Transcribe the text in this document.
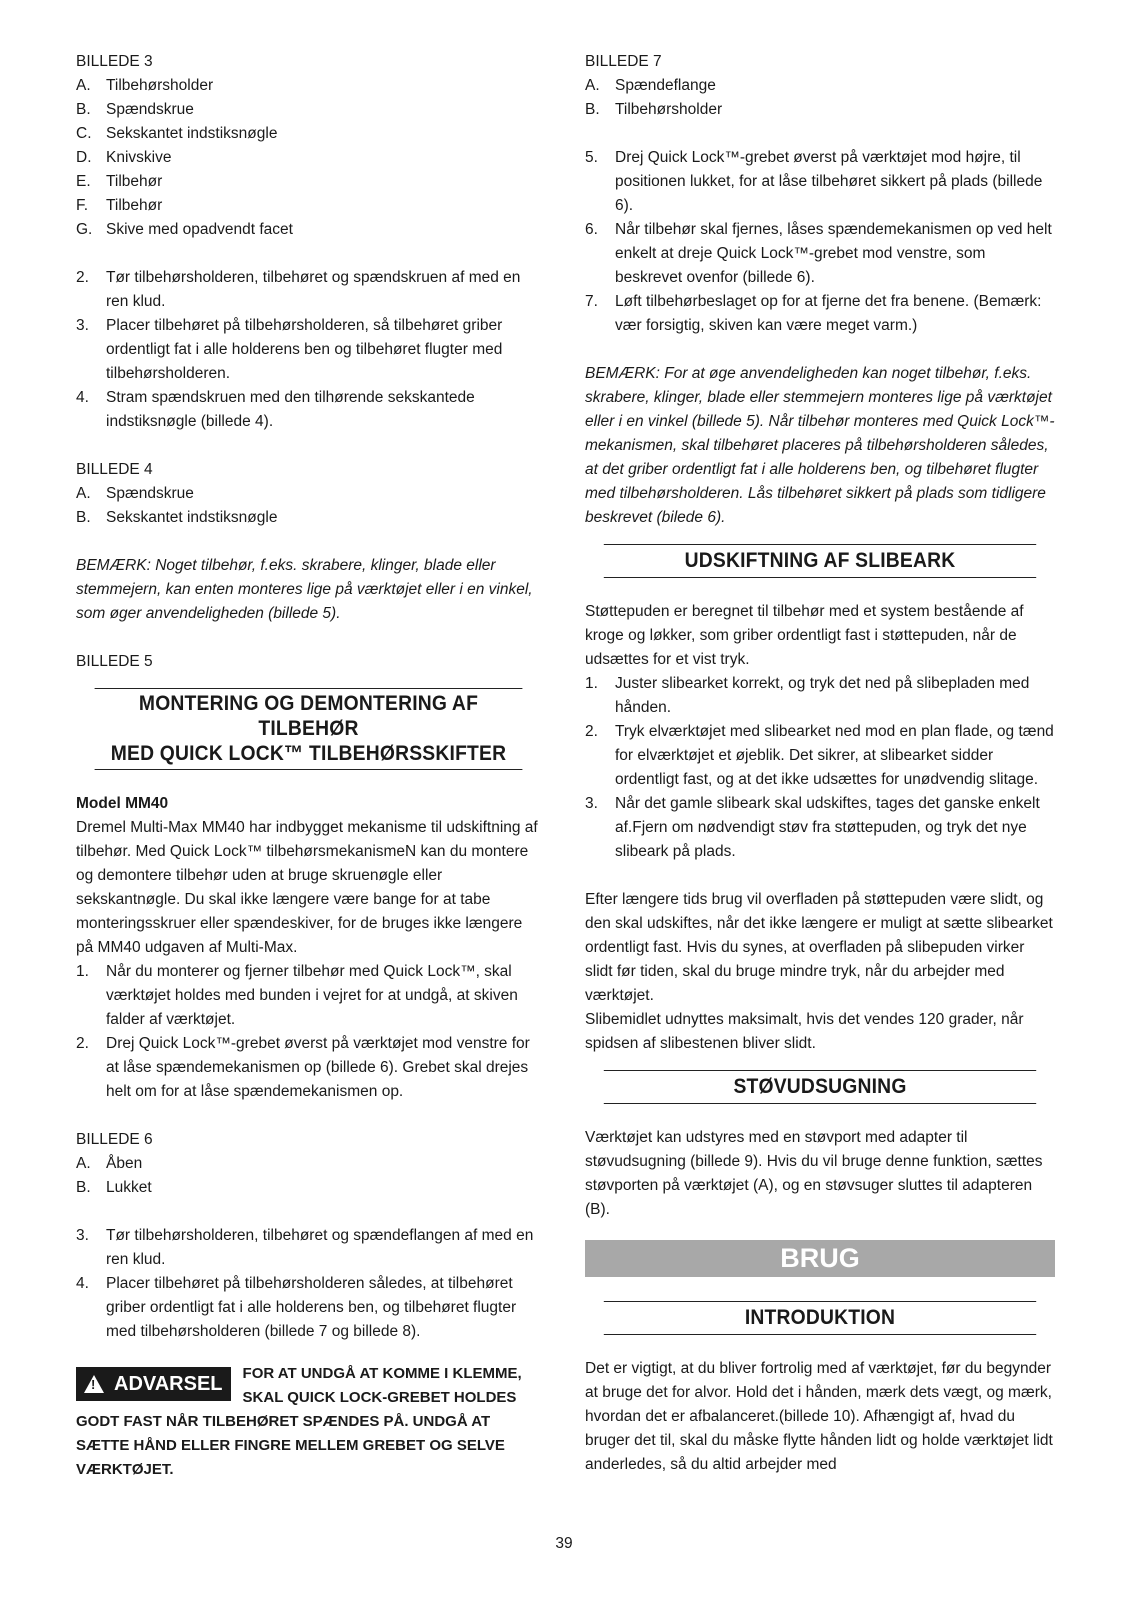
BILLEDE 3

A. Tilbehørsholder
B. Spændskrue
C. Sekskantet indstiksnøgle
D. Knivskive
E. Tilbehør
F.	Tilbehør
G. Skive med opadvendt facet
2.	Tør tilbehørsholderen, tilbehøret og spændskruen af med en ren klud.
3.	Placer tilbehøret på tilbehørsholderen, så tilbehøret griber ordentligt fat i alle holderens ben og tilbehøret flugter med tilbehørsholderen.
4.	Stram spændskruen med den tilhørende sekskantede indstiksnøgle (billede 4).

BILLEDE 4

A. Spændskrue
B. Sekskantet indstiksnøgle

BEMÆRK: Noget tilbehør, f.eks. skrabere, klinger, blade eller stemmejern, kan enten monteres lige på værktøjet eller i en vinkel, som øger anvendeligheden (billede 5).

BILLEDE 5

MONTERING OG DEMONTERING AF TILBEHØR
MED QUICK LOCK™ TILBEHØRSSKIFTER

Model MM40

Dremel Multi-Max MM40 har indbygget mekanisme til udskiftning af tilbehør. Med Quick Lock™ tilbehørsmekanismeN kan du montere og demontere tilbehør uden at bruge skruenøgle eller sekskantnøgle. Du skal ikke længere være bange for at tabe monteringsskruer eller spændeskiver, for de bruges ikke længere på MM40 udgaven af Multi-Max.

1.	Når du monterer og fjerner tilbehør med Quick Lock™, skal værktøjet holdes med bunden i vejret for at undgå, at skiven falder af værktøjet.
2.	Drej Quick Lock™-grebet øverst på værktøjet mod venstre for at låse spændemekanismen op (billede 6). Grebet skal drejes helt om for at låse spændemekanismen op.

BILLEDE 6

A. Åben
B. Lukket
3.	Tør tilbehørsholderen, tilbehøret og spændeflangen af med en ren klud.
4.	Placer tilbehøret på tilbehørsholderen således, at tilbehøret griber ordentligt fat i alle holderens ben, og tilbehøret flugter med tilbehørsholderen (billede 7 og billede 8).
! ADVARSEL FOR AT UNDGÅ AT KOMME I KLEMME, SKAL QUICK LOCK-GREBET HOLDES GODT FAST NÅR TILBEHØRET SPÆNDES PÅ. UNDGÅ AT SÆTTE HÅND ELLER FINGRE MELLEM GREBET OG SELVE VÆRKTØJET.

BILLEDE 7

A. Spændeflange
B. Tilbehørsholder
5.	Drej Quick Lock™-grebet øverst på værktøjet mod højre, til positionen lukket, for at låse tilbehøret sikkert på plads (billede 6).
6.	Når tilbehør skal fjernes, låses spændemekanismen op ved helt enkelt at dreje Quick Lock™-grebet mod venstre, som beskrevet ovenfor (billede 6).
7.	Løft tilbehørbeslaget op for at fjerne det fra benene. (Bemærk: vær forsigtig, skiven kan være meget varm.)

BEMÆRK: For at øge anvendeligheden kan noget tilbehør, f.eks. skrabere, klinger, blade eller stemmejern monteres lige på værktøjet eller i en vinkel (billede 5). Når tilbehør monteres med Quick Lock™-mekanismen, skal tilbehøret placeres på tilbehørsholderen således, at det griber ordentligt fat i alle holderens ben, og tilbehøret flugter med tilbehørsholderen. Lås tilbehøret sikkert på plads som tidligere beskrevet (bilede 6).

UDSKIFTNING AF SLIBEARK

Støttepuden er beregnet til tilbehør med et system bestående af kroge og løkker, som griber ordentligt fast i støttepuden, når de udsættes for et vist tryk.

1.	Juster slibearket korrekt, og tryk det ned på slibepladen med hånden.
2.	Tryk elværktøjet med slibearket ned mod en plan flade, og tænd for elværktøjet et øjeblik. Det sikrer, at slibearket sidder ordentligt fast, og at det ikke udsættes for unødvendig slitage.
3.	Når det gamle slibeark skal udskiftes, tages det ganske enkelt af.Fjern om nødvendigt støv fra støttepuden, og tryk det nye slibeark på plads.

Efter længere tids brug vil overfladen på støttepuden være slidt, og den skal udskiftes, når det ikke længere er muligt at sætte slibearket ordentligt fast. Hvis du synes, at overfladen på slibepuden virker slidt før tiden, skal du bruge mindre tryk, når du arbejder med værktøjet.

Slibemidlet udnyttes maksimalt, hvis det vendes 120 grader, når spidsen af slibestenen bliver slidt.

STØVUDSUGNING

Værktøjet kan udstyres med en støvport med adapter til støvudsugning (billede 9). Hvis du vil bruge denne funktion, sættes støvporten på værktøjet (A), og en støvsuger sluttes til adapteren (B).

BRUG
INTRODUKTION

Det er vigtigt, at du bliver fortrolig med af værktøjet, før du begynder at bruge det for alvor. Hold det i hånden, mærk dets vægt, og mærk, hvordan det er afbalanceret.(billede 10). Afhængigt af, hvad du bruger det til, skal du måske flytte hånden lidt og holde værktøjet lidt anderledes, så du altid arbejder med

39
